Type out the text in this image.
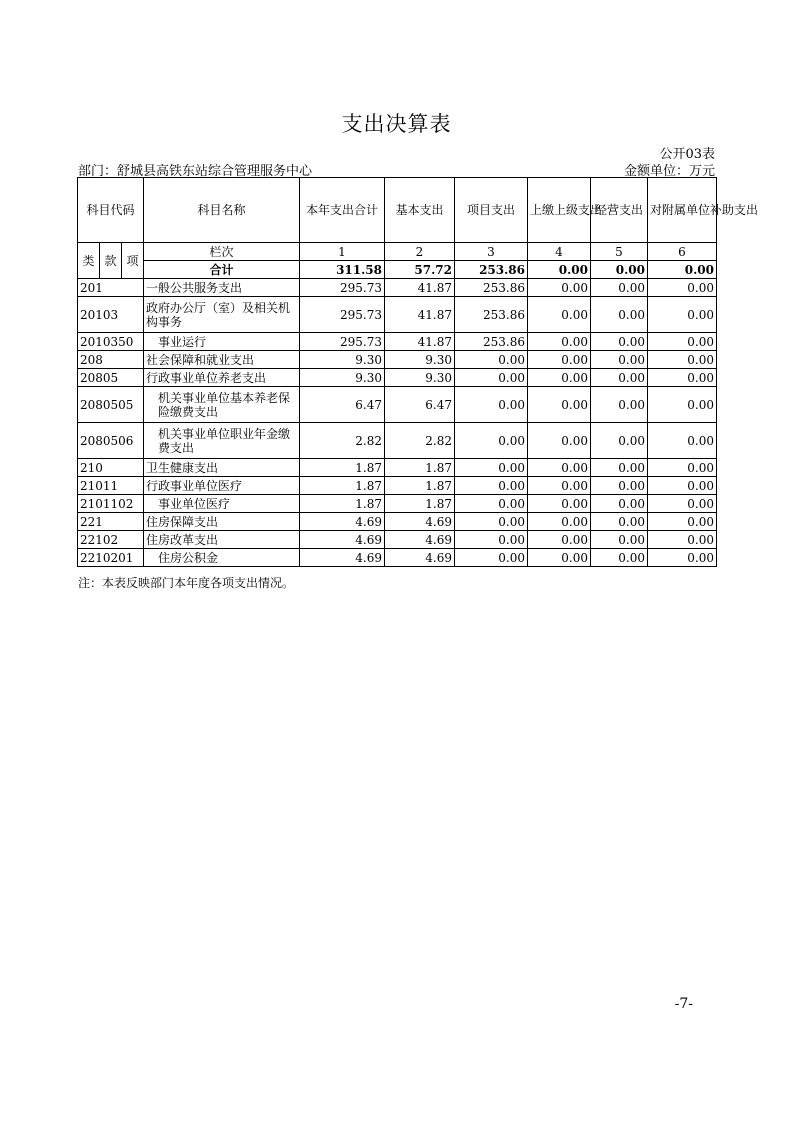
支出决算表
公开03表
部门：舒城县高铁东站综合管理服务中心	金额单位：万元
科目代码			科目名称	本年支出合计	基本支出	项目支出	上缴上级支出	经营支出	对附属单位补助支出
类	款	项	栏次	1	2	3	4	5	6
			合计	311.58	57.72	253.86	0.00	0.00	0.00
201			一般公共服务支出	295.73	41.87	253.86	0.00	0.00	0.00
20103			政府办公厅（室）及相关机构事务	295.73	41.87	253.86	0.00	0.00	0.00
2010350			事业运行	295.73	41.87	253.86	0.00	0.00	0.00
208			社会保障和就业支出	9.30	9.30	0.00	0.00	0.00	0.00
20805			行政事业单位养老支出	9.30	9.30	0.00	0.00	0.00	0.00
2080505			机关事业单位基本养老保险缴费支出	6.47	6.47	0.00	0.00	0.00	0.00
2080506			机关事业单位职业年金缴费支出	2.82	2.82	0.00	0.00	0.00	0.00
210			卫生健康支出	1.87	1.87	0.00	0.00	0.00	0.00
21011			行政事业单位医疗	1.87	1.87	0.00	0.00	0.00	0.00
2101102			事业单位医疗	1.87	1.87	0.00	0.00	0.00	0.00
221			住房保障支出	4.69	4.69	0.00	0.00	0.00	0.00
22102			住房改革支出	4.69	4.69	0.00	0.00	0.00	0.00
2210201			住房公积金	4.69	4.69	0.00	0.00	0.00	0.00
注：本表反映部门本年度各项支出情况。
-7-
